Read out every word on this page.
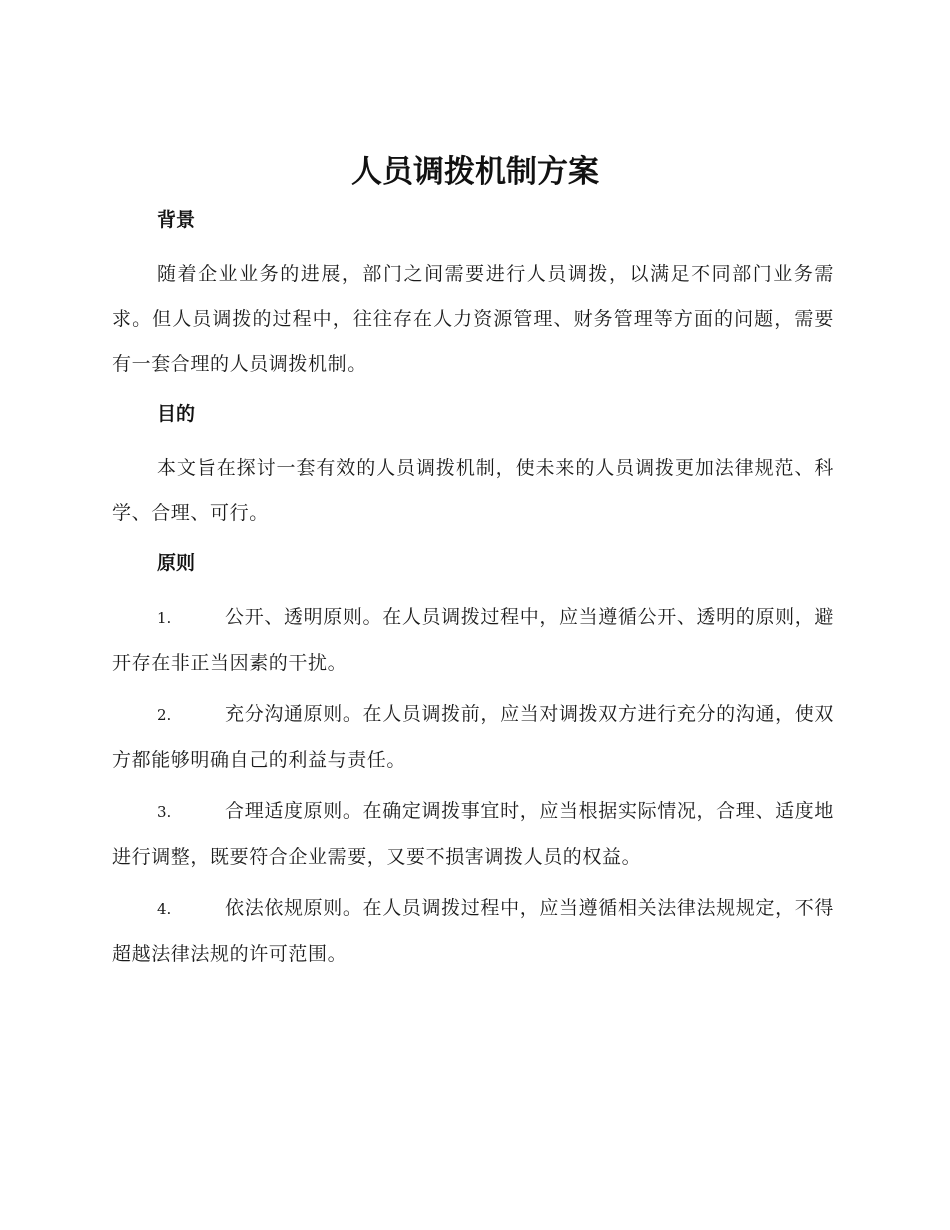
人员调拨机制方案
背景

随着企业业务的进展，部门之间需要进行人员调拨，以满足不同部门业务需求。但人员调拨的过程中，往往存在人力资源管理、财务管理等方面的问题，需要有一套合理的人员调拨机制。

目的

本文旨在探讨一套有效的人员调拨机制，使未来的人员调拨更加法律规范、科学、合理、可行。

原则

1.	公开、透明原则。在人员调拨过程中，应当遵循公开、透明的原则，避开存在非正当因素的干扰。

2.	充分沟通原则。在人员调拨前，应当对调拨双方进行充分的沟通，使双方都能够明确自己的利益与责任。

3.	合理适度原则。在确定调拨事宜时，应当根据实际情况，合理、适度地进行调整，既要符合企业需要，又要不损害调拨人员的权益。

4.	依法依规原则。在人员调拨过程中，应当遵循相关法律法规规定，不得超越法律法规的许可范围。
